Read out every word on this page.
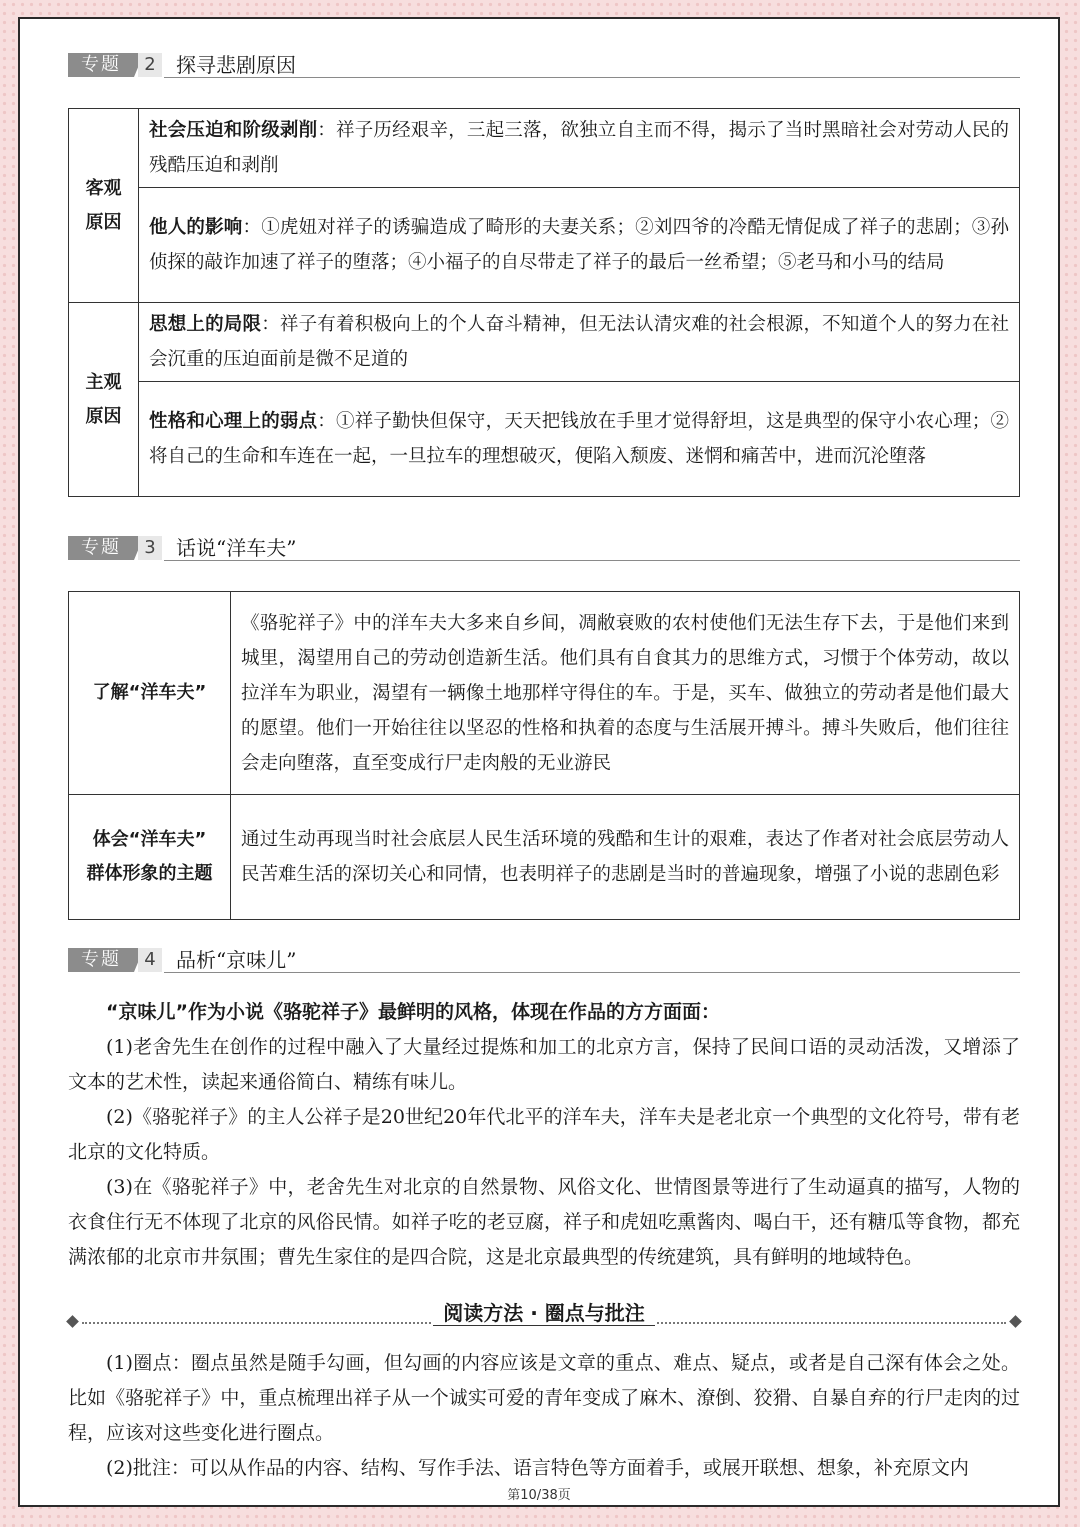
专题	2	探寻悲剧原因
客观
原因	社会压迫和阶级剥削：祥子历经艰辛，三起三落，欲独立自主而不得，揭示了当时黑暗社会对劳动人民的残酷压迫和剥削
	他人的影响：①虎妞对祥子的诱骗造成了畸形的夫妻关系；②刘四爷的冷酷无情促成了祥子的悲剧；③孙侦探的敲诈加速了祥子的堕落；④小福子的自尽带走了祥子的最后一丝希望；⑤老马和小马的结局

主观
原因	思想上的局限：祥子有着积极向上的个人奋斗精神，但无法认清灾难的社会根源，不知道个人的努力在社会沉重的压迫面前是微不足道的
	性格和心理上的弱点：①祥子勤快但保守，天天把钱放在手里才觉得舒坦，这是典型的保守小农心理；②将自己的生命和车连在一起，一旦拉车的理想破灭，便陷入颓废、迷惘和痛苦中，进而沉沦堕落
专题	3	话说“洋车夫”
了解“洋车夫”	《骆驼祥子》中的洋车夫大多来自乡间，凋敝衰败的农村使他们无法生存下去，于是他们来到城里，渴望用自己的劳动创造新生活。他们具有自食其力的思维方式，习惯于个体劳动，故以拉洋车为职业，渴望有一辆像土地那样守得住的车。于是，买车、做独立的劳动者是他们最大的愿望。他们一开始往往以坚忍的性格和执着的态度与生活展开搏斗。搏斗失败后，他们往往会走向堕落，直至变成行尸走肉般的无业游民

体会“洋车夫”
群体形象的主题	通过生动再现当时社会底层人民生活环境的残酷和生计的艰难，表达了作者对社会底层劳动人民苦难生活的深切关心和同情，也表明祥子的悲剧是当时的普遍现象，增强了小说的悲剧色彩
专题	4	品析“京味儿”

“京味儿”作为小说《骆驼祥子》最鲜明的风格，体现在作品的方方面面：

(1)老舍先生在创作的过程中融入了大量经过提炼和加工的北京方言，保持了民间口语的灵动活泼，又增添了文本的艺术性，读起来通俗简白、精练有味儿。

(2)《骆驼祥子》的主人公祥子是20世纪20年代北平的洋车夫，洋车夫是老北京一个典型的文化符号，带有老北京的文化特质。

(3)在《骆驼祥子》中，老舍先生对北京的自然景物、风俗文化、世情图景等进行了生动逼真的描写，人物的衣食住行无不体现了北京的风俗民情。如祥子吃的老豆腐，祥子和虎妞吃熏酱肉、喝白干，还有糖瓜等食物，都充满浓郁的北京市井氛围；曹先生家住的是四合院，这是北京最典型的传统建筑，具有鲜明的地域特色。

阅读方法 · 圈点与批注

(1)圈点：圈点虽然是随手勾画，但勾画的内容应该是文章的重点、难点、疑点，或者是自己深有体会之处。比如《骆驼祥子》中，重点梳理出祥子从一个诚实可爱的青年变成了麻木、潦倒、狡猾、自暴自弃的行尸走肉的过程，应该对这些变化进行圈点。

(2)批注：可以从作品的内容、结构、写作手法、语言特色等方面着手，或展开联想、想象，补充原文内

第10/38页
